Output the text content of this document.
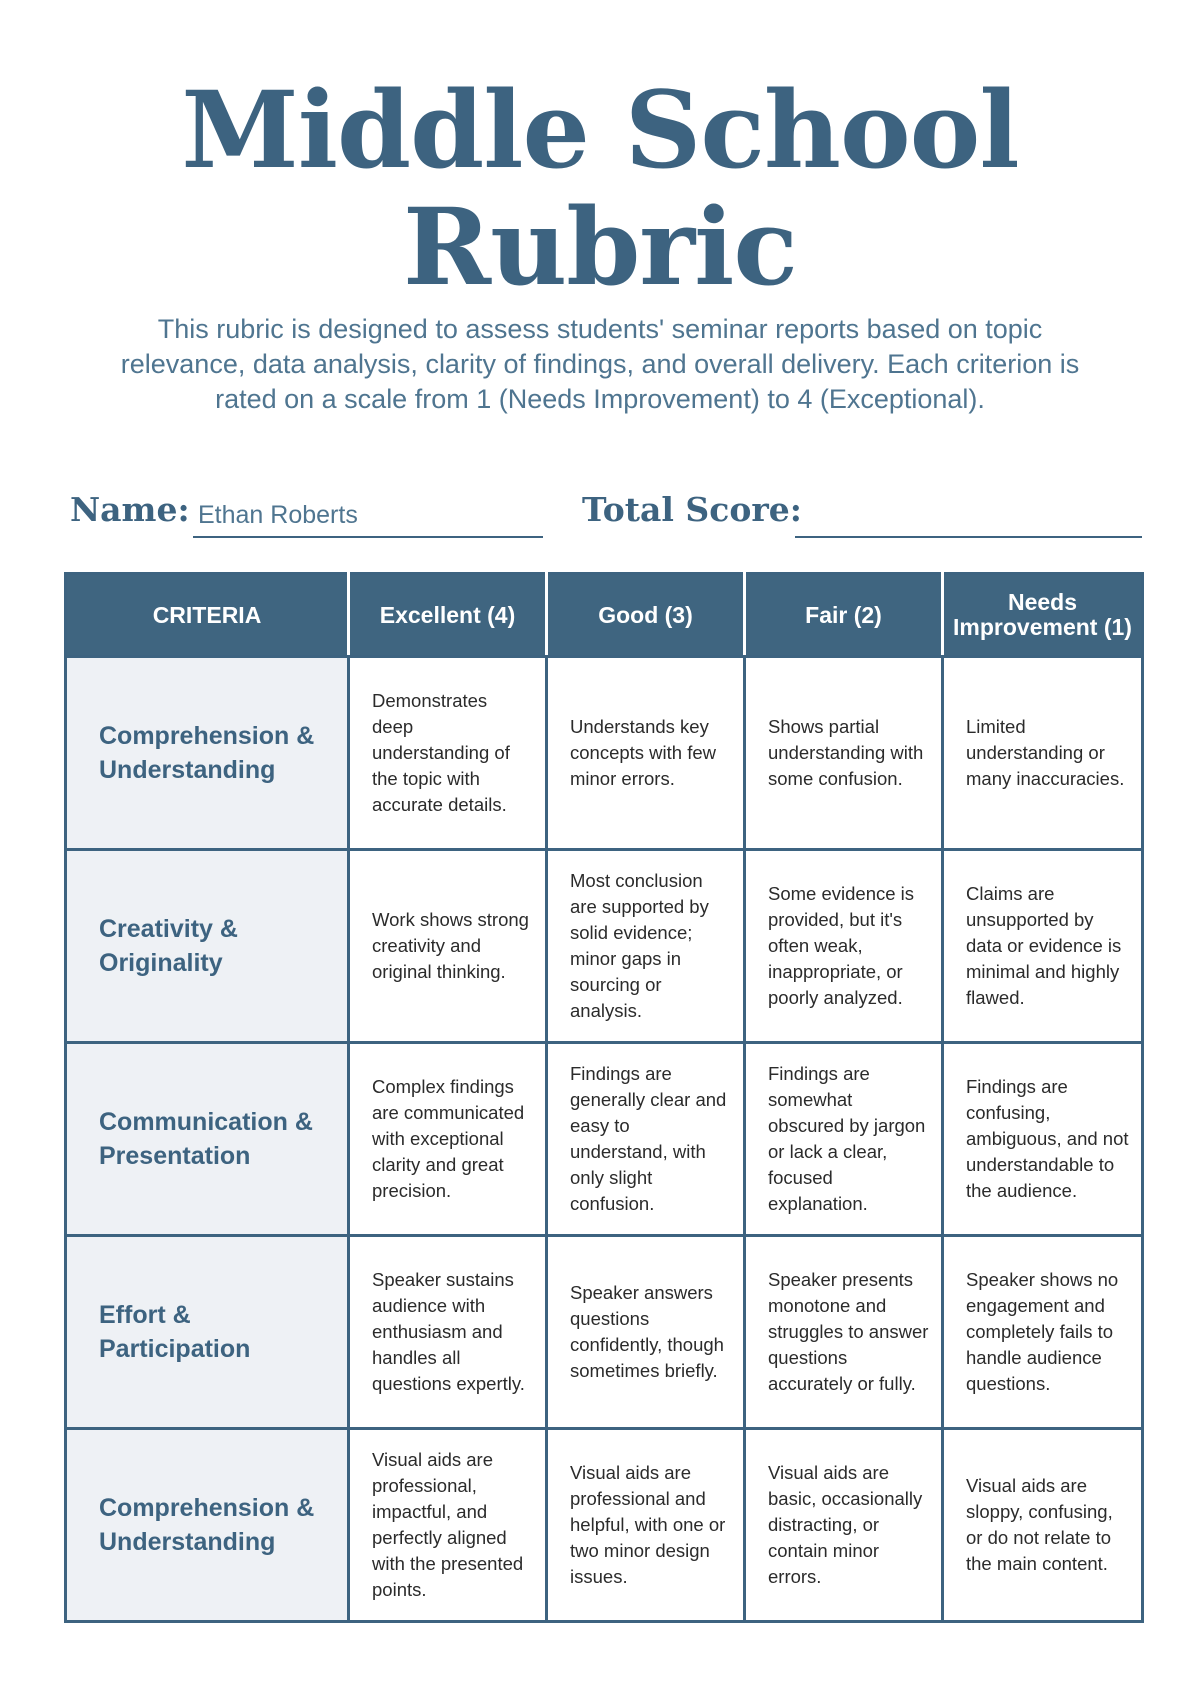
Middle School Rubric
This rubric is designed to assess students' seminar reports based on topic relevance, data analysis, clarity of findings, and overall delivery. Each criterion is rated on a scale from 1 (Needs Improvement) to 4 (Exceptional).
Name: Ethan Roberts	Total Score:
CRITERIA	Excellent (4)	Good (3)	Fair (2)	Needs Improvement (1)
Comprehension & Understanding	Demonstrates deep understanding of the topic with accurate details.	Understands key concepts with few minor errors.	Shows partial understanding with some confusion.	Limited understanding or many inaccuracies.
Creativity & Originality	Work shows strong creativity and original thinking.	Most conclusion are supported by solid evidence; minor gaps in sourcing or analysis.	Some evidence is provided, but it's often weak, inappropriate, or poorly analyzed.	Claims are unsupported by data or evidence is minimal and highly flawed.
Communication & Presentation	Complex findings are communicated with exceptional clarity and great precision.	Findings are generally clear and easy to understand, with only slight confusion.	Findings are somewhat obscured by jargon or lack a clear, focused explanation.	Findings are confusing, ambiguous, and not understandable to the audience.
Effort & Participation	Speaker sustains audience with enthusiasm and handles all questions expertly.	Speaker answers questions confidently, though sometimes briefly.	Speaker presents monotone and struggles to answer questions accurately or fully.	Speaker shows no engagement and completely fails to handle audience questions.
Comprehension & Understanding	Visual aids are professional, impactful, and perfectly aligned with the presented points.	Visual aids are professional and helpful, with one or two minor design issues.	Visual aids are basic, occasionally distracting, or contain minor errors.	Visual aids are sloppy, confusing, or do not relate to the main content.
